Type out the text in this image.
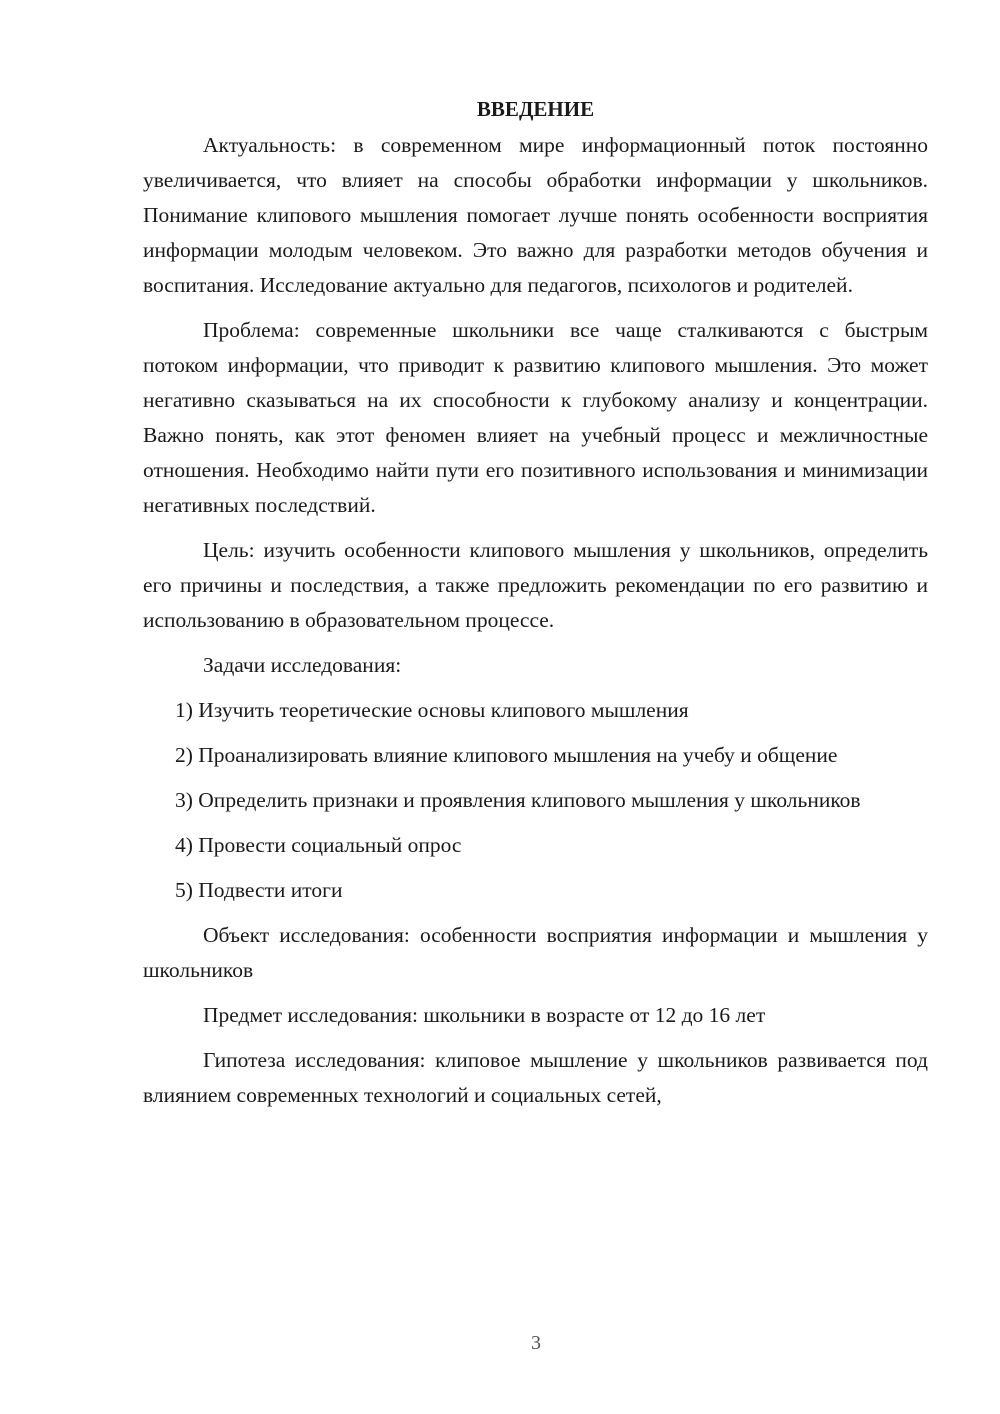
ВВЕДЕНИЕ

Актуальность: в современном мире информационный поток постоянно увеличивается, что влияет на способы обработки информации у школьников. Понимание клипового мышления помогает лучше понять особенности восприятия информации молодым человеком. Это важно для разработки методов обучения и воспитания. Исследование актуально для педагогов, психологов и родителей.

Проблема: современные школьники все чаще сталкиваются с быстрым потоком информации, что приводит к развитию клипового мышления. Это может негативно сказываться на их способности к глубокому анализу и концентрации. Важно понять, как этот феномен влияет на учебный процесс и межличностные отношения. Необходимо найти пути его позитивного использования и минимизации негативных последствий.

Цель: изучить особенности клипового мышления у школьников, определить его причины и последствия, а также предложить рекомендации по его развитию и использованию в образовательном процессе.

Задачи исследования:

1) Изучить теоретические основы клипового мышления

2) Проанализировать влияние клипового мышления на учебу и общение

3) Определить признаки и проявления клипового мышления у школьников

4) Провести социальный опрос

5) Подвести итоги

Объект исследования: особенности восприятия информации и мышления у школьников

Предмет исследования: школьники в возрасте от 12 до 16 лет

Гипотеза исследования: клиповое мышление у школьников развивается под влиянием современных технологий и социальных сетей,

3
